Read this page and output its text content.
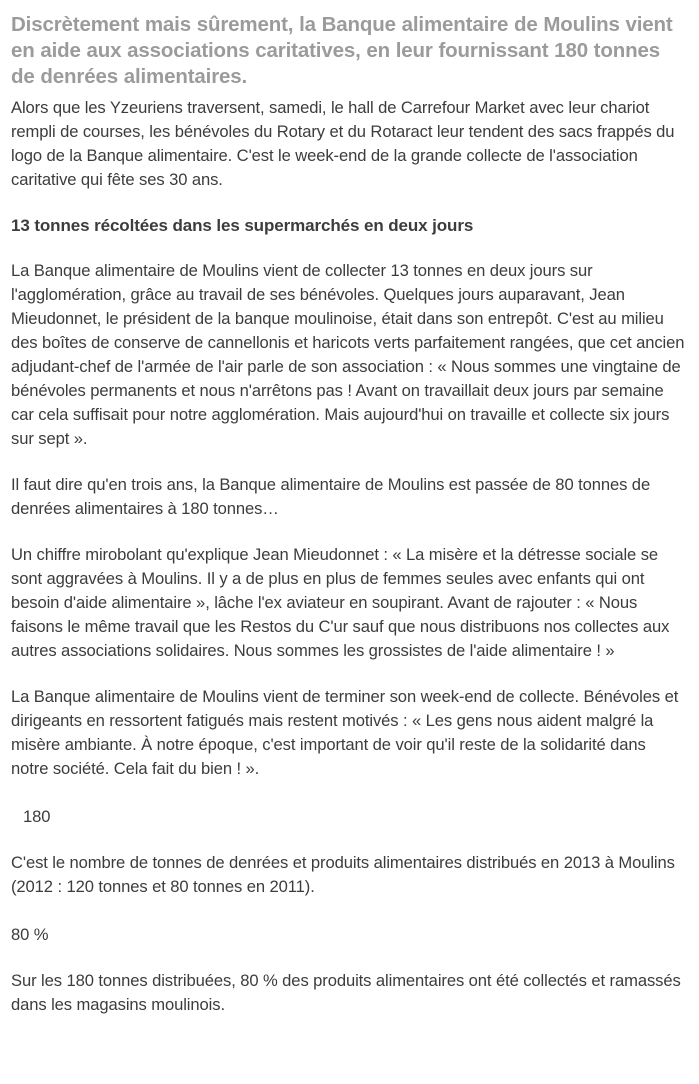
Discrètement mais sûrement, la Banque alimentaire de Moulins vient en aide aux associations caritatives, en leur fournissant 180 tonnes de denrées alimentaires.

Alors que les Yzeuriens traversent, samedi, le hall de Carrefour Market avec leur chariot rempli de courses, les bénévoles du Rotary et du Rotaract leur tendent des sacs frappés du logo de la Banque alimentaire. C'est le week-end de la grande collecte de l'association caritative qui fête ses 30 ans.

13 tonnes récoltées dans les supermarchés en deux jours

La Banque alimentaire de Moulins vient de collecter 13 tonnes en deux jours sur l'agglomération, grâce au travail de ses bénévoles. Quelques jours auparavant, Jean Mieudonnet, le président de la banque moulinoise, était dans son entrepôt. C'est au milieu des boîtes de conserve de cannellonis et haricots verts parfaitement rangées, que cet ancien adjudant-chef de l'armée de l'air parle de son association : « Nous sommes une vingtaine de bénévoles permanents et nous n'arrêtons pas ! Avant on travaillait deux jours par semaine car cela suffisait pour notre agglomération. Mais aujourd'hui on travaille et collecte six jours sur sept ».

Il faut dire qu'en trois ans, la Banque alimentaire de Moulins est passée de 80 tonnes de denrées alimentaires à 180 tonnes…

Un chiffre mirobolant qu'explique Jean Mieudonnet : « La misère et la détresse sociale se sont aggravées à Moulins. Il y a de plus en plus de femmes seules avec enfants qui ont besoin d'aide alimentaire », lâche l'ex aviateur en soupirant. Avant de rajouter : « Nous faisons le même travail que les Restos du C'ur sauf que nous distribuons nos collectes aux autres associations solidaires. Nous sommes les grossistes de l'aide alimentaire ! »

La Banque alimentaire de Moulins vient de terminer son week-end de collecte. Bénévoles et dirigeants en ressortent fatigués mais restent motivés : « Les gens nous aident malgré la misère ambiante. À notre époque, c'est important de voir qu'il reste de la solidarité dans notre société. Cela fait du bien ! ».

180

C'est le nombre de tonnes de denrées et produits alimentaires distribués en 2013 à Moulins (2012 : 120 tonnes et 80 tonnes en 2011).

80 %

Sur les 180 tonnes distribuées, 80 % des produits alimentaires ont été collectés et ramassés dans les magasins moulinois.
